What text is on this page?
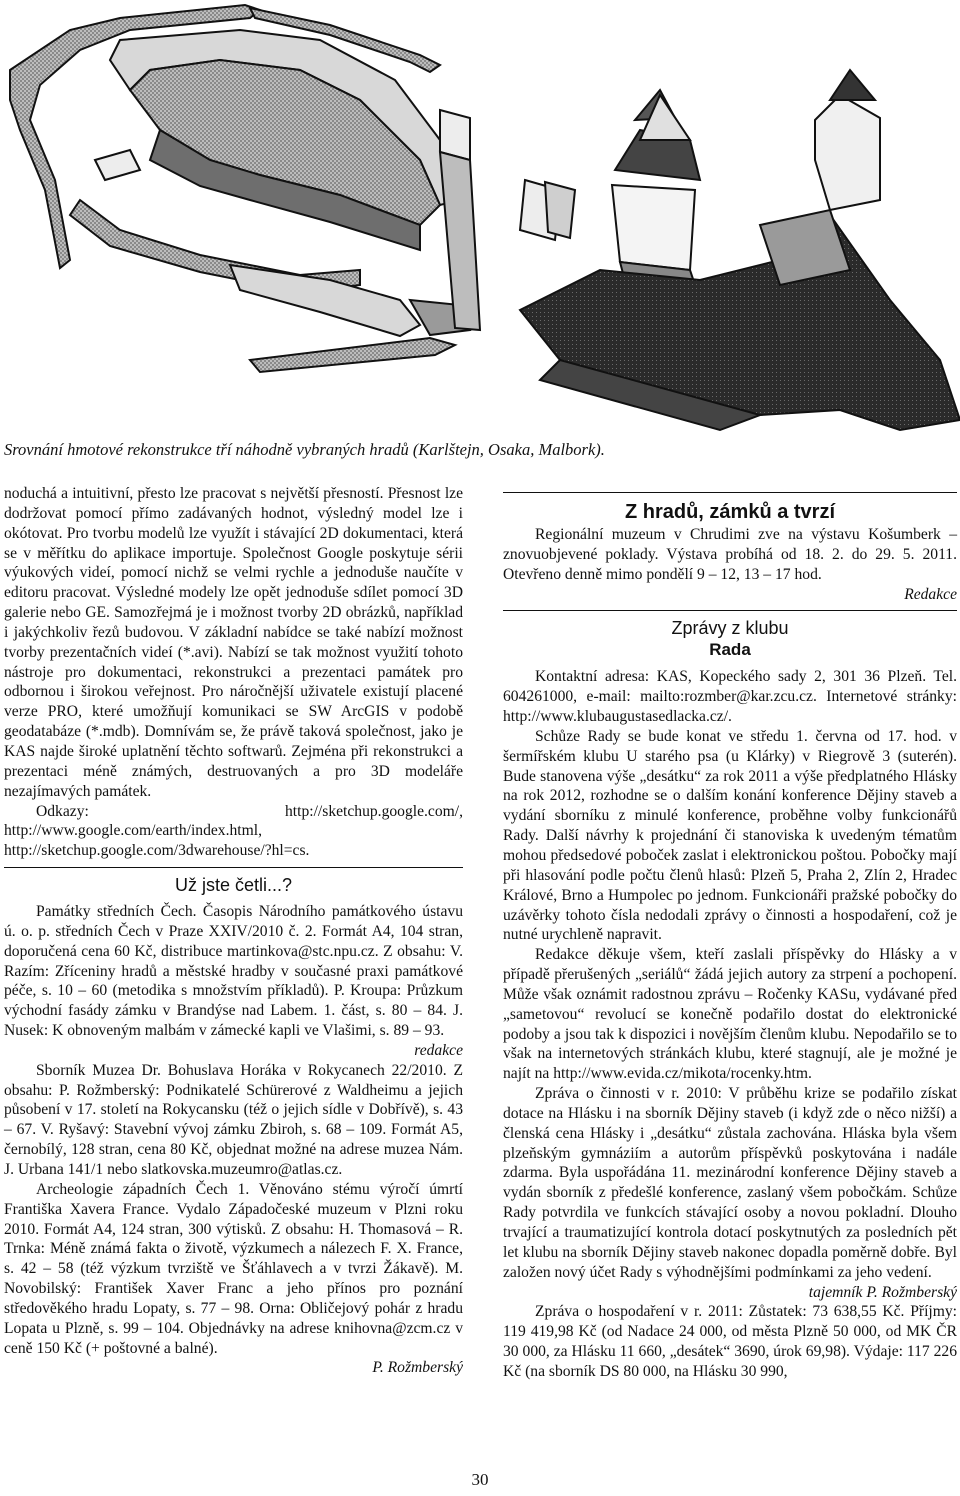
Srovnání hmotové rekonstrukce tří náhodně vybraných hradů (Karlštejn, Osaka, Malbork).

noduchá a intuitivní, přesto lze pracovat s největší přesností. Přesnost lze dodržovat pomocí přímo zadávaných hodnot, výsledný model lze i okótovat. Pro tvorbu modelů lze využít i stávající 2D dokumentaci, která se v měřítku do aplikace importuje. Společnost Google poskytuje sérii výukových videí, pomocí nichž se velmi rychle a jednoduše naučíte v editoru pracovat. Výsledné modely lze opět jednoduše sdílet pomocí 3D galerie nebo GE. Samozřejmá je i možnost tvorby 2D obrázků, například i jakýchkoliv řezů budovou. V základní nabídce se také nabízí možnost tvorby prezentačních videí (*.avi). Nabízí se tak možnost využití tohoto nástroje pro dokumentaci, rekonstrukci a prezentaci památek pro odbornou i širokou veřejnost. Pro náročnější uživatele existují placené verze PRO, které umožňují komunikaci se SW ArcGIS v podobě geodatabáze (*.mdb). Domnívám se, že právě taková společnost, jako je KAS najde široké uplatnění těchto softwarů. Zejména při rekonstrukci a prezentaci méně známých, destruovaných a pro 3D modeláře nezajímavých památek.

Odkazy: http://sketchup.google.com/, http://www.google.com/earth/index.html, http://sketchup.google.com/3dwarehouse/?hl=cs.

Už jste četli...?

Památky středních Čech. Časopis Národního památkového ústavu ú. o. p. středních Čech v Praze XXIV/2010 č. 2. Formát A4, 104 stran, doporučená cena 60 Kč, distribuce martinkova@stc.npu.cz. Z obsahu: V. Razím: Zříceniny hradů a městské hradby v současné praxi památkové péče, s. 10 – 60 (metodika s množstvím příkladů). P. Kroupa: Průzkum východní fasády zámku v Brandýse nad Labem. 1. část, s. 80 – 84. J. Nusek: K obnoveným malbám v zámecké kapli ve Vlašimi, s. 89 – 93.

redakce

Sborník Muzea Dr. Bohuslava Horáka v Rokycanech 22/2010. Z obsahu: P. Rožmberský: Podnikatelé Schürerové z Waldheimu a jejich působení v 17. století na Rokycansku (též o jejich sídle v Dobřívě), s. 43 – 67. V. Ryšavý: Stavební vývoj zámku Zbiroh, s. 68 – 109. Formát A5, černobílý, 128 stran, cena 80 Kč, objednat možné na adrese muzea Nám. J. Urbana 141/1 nebo slatkovska.muzeumro@atlas.cz.

Archeologie západních Čech 1. Věnováno stému výročí úmrtí Františka Xavera France. Vydalo Západočeské muzeum v Plzni roku 2010. Formát A4, 124 stran, 300 výtisků. Z obsahu: H. Thomasová – R. Trnka: Méně známá fakta o životě, výzkumech a nálezech F. X. France, s. 42 – 58 (též výzkum tvrziště ve Šťáhlavech a v tvrzi Žákavě). M. Novobilský: František Xaver Franc a jeho přínos pro poznání středověkého hradu Lopaty, s. 77 – 98. Orna: Obličejový pohár z hradu Lopata u Plzně, s. 99 – 104. Objednávky na adrese knihovna@zcm.cz v ceně 150 Kč (+ poštovné a balné).

P. Rožmberský

Z hradů, zámků a tvrzí

Regionální muzeum v Chrudimi zve na výstavu Košumberk – znovuobjevené poklady. Výstava probíhá od 18. 2. do 29. 5. 2011. Otevřeno denně mimo pondělí 9 – 12, 13 – 17 hod.

Redakce

Zprávy z klubu

Rada

Kontaktní adresa: KAS, Kopeckého sady 2, 301 36 Plzeň. Tel. 604261000, e-mail: mailto:rozmber@kar.zcu.cz. Internetové stránky: http://www.klubaugustasedlacka.cz/.

Schůze Rady se bude konat ve středu 1. června od 17. hod. v šermířském klubu U starého psa (u Klárky) v Riegrově 3 (suterén). Bude stanovena výše „desátku“ za rok 2011 a výše předplatného Hlásky na rok 2012, rozhodne se o dalším konání konference Dějiny staveb a vydání sborníku z minulé konference, proběhne volby funkcionářů Rady. Další návrhy k projednání či stanoviska k uvedeným tématům mohou předsedové poboček zaslat i elektronickou poštou. Pobočky mají při hlasování podle počtu členů hlasů: Plzeň 5, Praha 2, Zlín 2, Hradec Králové, Brno a Humpolec po jednom. Funkcionáři pražské pobočky do uzávěrky tohoto čísla nedodali zprávy o činnosti a hospodaření, což je nutné urychleně napravit.

Redakce děkuje všem, kteří zaslali příspěvky do Hlásky a v případě přerušených „seriálů“ žádá jejich autory za strpení a pochopení. Může však oznámit radostnou zprávu – Ročenky KASu, vydávané před „sametovou“ revolucí se konečně podařilo dostat do elektronické podoby a jsou tak k dispozici i novějším členům klubu. Nepodařilo se to však na internetových stránkách klubu, které stagnují, ale je možné je najít na http://www.evida.cz/mikota/rocenky.htm.

Zpráva o činnosti v r. 2010: V průběhu krize se podařilo získat dotace na Hlásku i na sborník Dějiny staveb (i když zde o něco nižší) a členská cena Hlásky i „desátku“ zůstala zachována. Hláska byla všem plzeňským gymnáziím a autorům příspěvků poskytována i nadále zdarma. Byla uspořádána 11. mezinárodní konference Dějiny staveb a vydán sborník z předešlé konference, zaslaný všem pobočkám. Schůze Rady potvrdila ve funkcích stávající osoby a novou pokladní. Dlouho trvající a traumatizující kontrola dotací poskytnutých za posledních pět let klubu na sborník Dějiny staveb nakonec dopadla poměrně dobře. Byl založen nový účet Rady s výhodnějšími podmínkami za jeho vedení.

tajemník P. Rožmberský

Zpráva o hospodaření v r. 2011: Zůstatek: 73 638,55 Kč. Příjmy: 119 419,98 Kč (od Nadace 24 000, od města Plzně 50 000, od MK ČR 30 000, za Hlásku 11 660, „desátek“ 3690, úrok 69,98). Výdaje: 117 226 Kč (na sborník DS 80 000, na Hlásku 30 990,

30
